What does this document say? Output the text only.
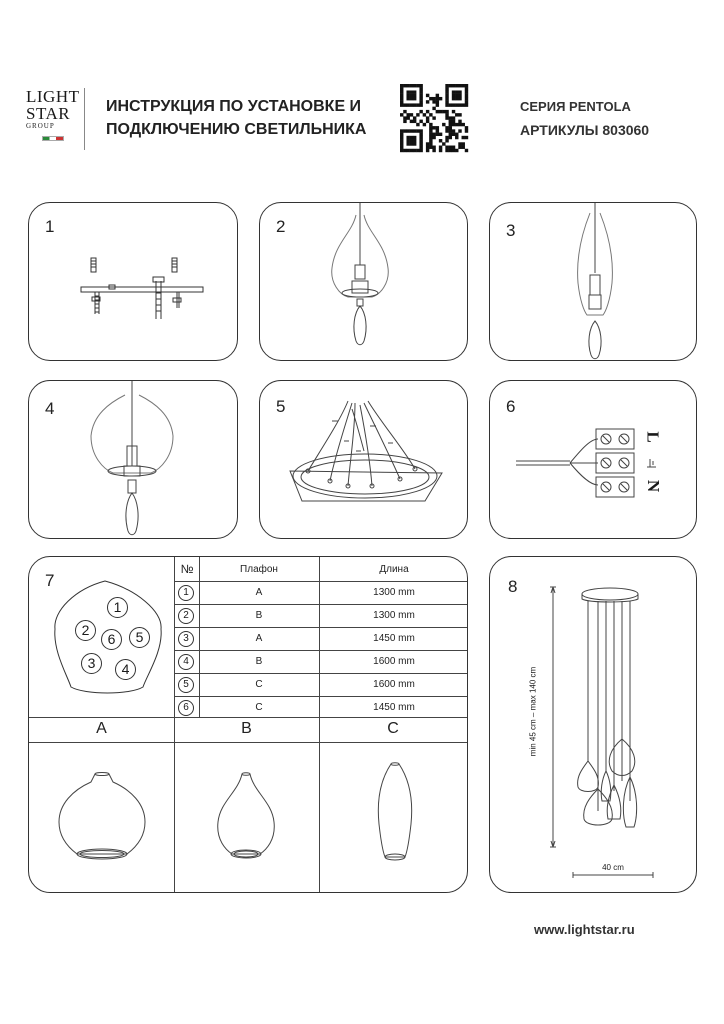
LIGHT
STAR
GROUP
ИНСТРУКЦИЯ ПО УСТАНОВКЕ И
ПОДКЛЮЧЕНИЮ СВЕТИЛЬНИКА
СЕРИЯ PENTOLA
АРТИКУЛЫ 803060
1	2	3
4	5	6
L
N
7
1
2
6	5
3	4
№	Плафон	Длина
1	A	1300 mm
2	B	1300 mm
3	A	1450 mm
4	B	1600 mm
5	C	1600 mm
6	C	1450 mm
A	B	C
8
min 45 cm – max 140 cm
40 cm
www.lightstar.ru
